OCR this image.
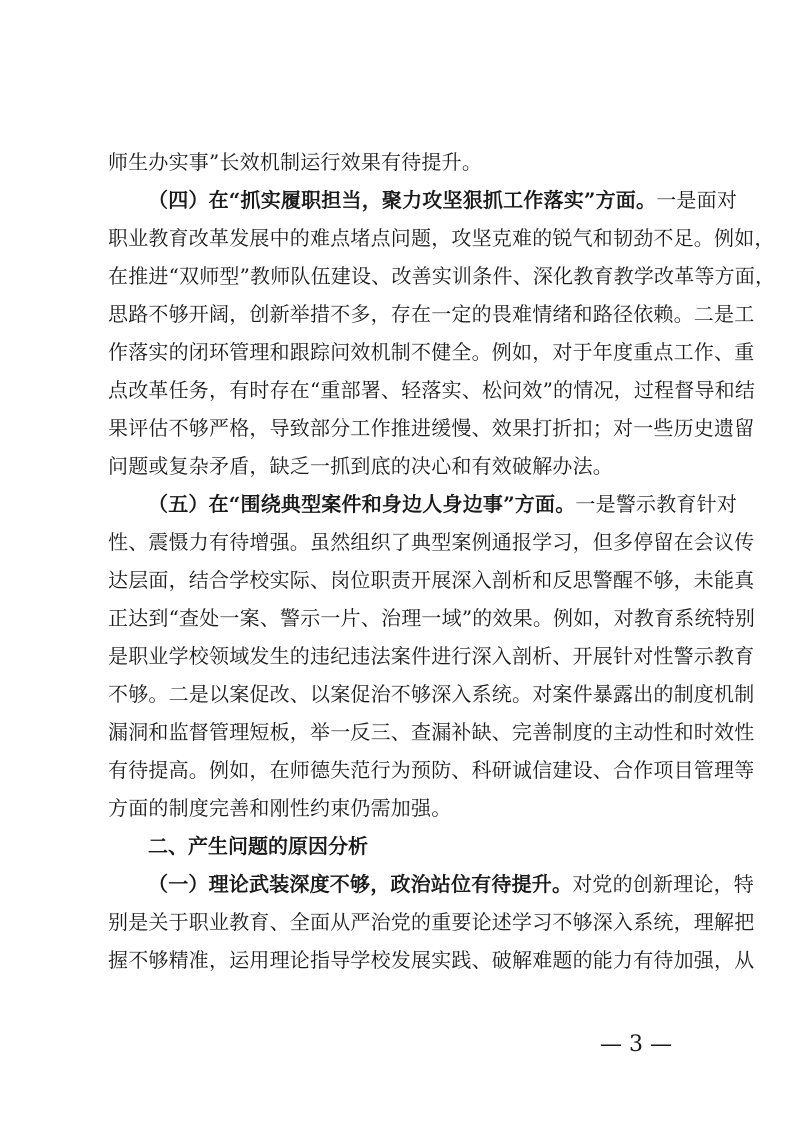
师生办实事”长效机制运行效果有待提升。
（四）在“抓实履职担当，聚力攻坚狠抓工作落实”方面。一是面对
职业教育改革发展中的难点堵点问题，攻坚克难的锐气和韧劲不足。例如，
在推进“双师型”教师队伍建设、改善实训条件、深化教育教学改革等方面，
思路不够开阔，创新举措不多，存在一定的畏难情绪和路径依赖。二是工
作落实的闭环管理和跟踪问效机制不健全。例如，对于年度重点工作、重
点改革任务，有时存在“重部署、轻落实、松问效”的情况，过程督导和结
果评估不够严格，导致部分工作推进缓慢、效果打折扣；对一些历史遗留
问题或复杂矛盾，缺乏一抓到底的决心和有效破解办法。
（五）在“围绕典型案件和身边人身边事”方面。一是警示教育针对
性、震慑力有待增强。虽然组织了典型案例通报学习，但多停留在会议传
达层面，结合学校实际、岗位职责开展深入剖析和反思警醒不够，未能真
正达到“查处一案、警示一片、治理一域”的效果。例如，对教育系统特别
是职业学校领域发生的违纪违法案件进行深入剖析、开展针对性警示教育
不够。二是以案促改、以案促治不够深入系统。对案件暴露出的制度机制
漏洞和监督管理短板，举一反三、查漏补缺、完善制度的主动性和时效性
有待提高。例如，在师德失范行为预防、科研诚信建设、合作项目管理等
方面的制度完善和刚性约束仍需加强。
二、产生问题的原因分析
（一）理论武装深度不够，政治站位有待提升。对党的创新理论，特
别是关于职业教育、全面从严治党的重要论述学习不够深入系统，理解把
握不够精准，运用理论指导学校发展实践、破解难题的能力有待加强，从
— 3 —
